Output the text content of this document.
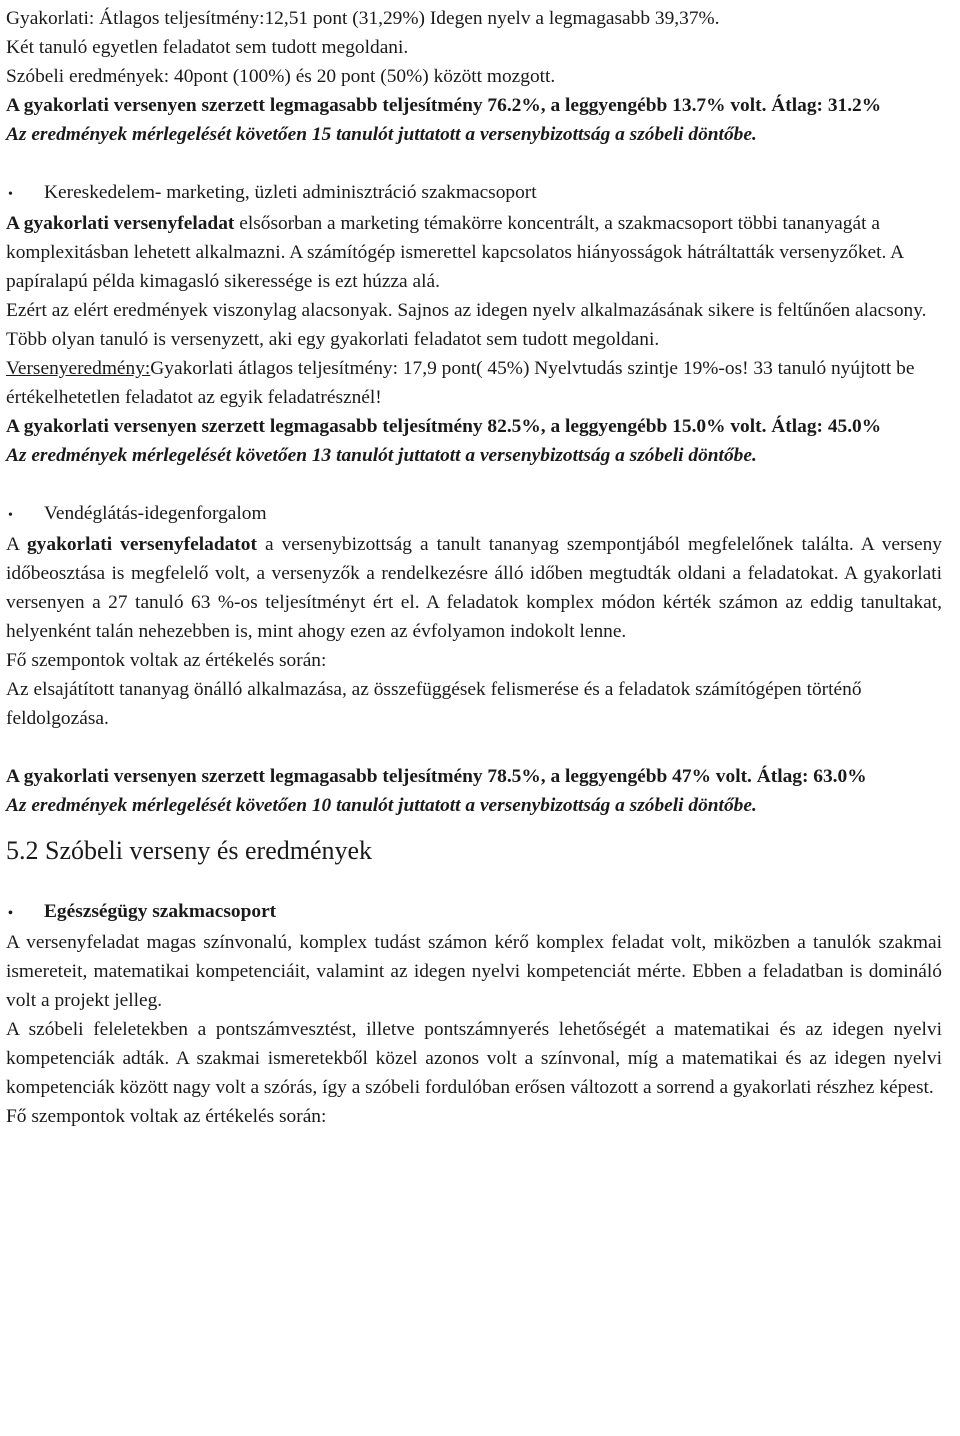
Gyakorlati: Átlagos teljesítmény:12,51 pont (31,29%) Idegen nyelv a legmagasabb 39,37%.

Két tanuló egyetlen feladatot sem tudott megoldani.

Szóbeli eredmények: 40pont (100%) és 20 pont (50%) között mozgott.

A gyakorlati versenyen szerzett legmagasabb teljesítmény 76.2%, a leggyengébb 13.7% volt. Átlag: 31.2%

Az eredmények mérlegelését követően 15 tanulót juttatott a versenybizottság a szóbeli döntőbe.

•	Kereskedelem- marketing, üzleti adminisztráció szakmacsoport

A gyakorlati versenyfeladat elsősorban a marketing témakörre koncentrált, a szakmacsoport többi tananyagát a komplexitásban lehetett alkalmazni. A számítógép ismerettel kapcsolatos hiányosságok hátráltatták versenyzőket. A papíralapú példa kimagasló sikeressége is ezt húzza alá.

Ezért az elért eredmények viszonylag alacsonyak. Sajnos az idegen nyelv alkalmazásának sikere is feltűnően alacsony. Több olyan tanuló is versenyzett, aki egy gyakorlati feladatot sem tudott megoldani.

Versenyeredmény:Gyakorlati átlagos teljesítmény: 17,9 pont( 45%) Nyelvtudás szintje 19%-os! 33 tanuló nyújtott be értékelhetetlen feladatot az egyik feladatrésznél!

A gyakorlati versenyen szerzett legmagasabb teljesítmény 82.5%, a leggyengébb 15.0% volt. Átlag: 45.0%

Az eredmények mérlegelését követően 13 tanulót juttatott a versenybizottság a szóbeli döntőbe.

•	Vendéglátás-idegenforgalom

A gyakorlati versenyfeladatot a versenybizottság a tanult tananyag szempontjából megfelelőnek találta. A verseny időbeosztása is megfelelő volt, a versenyzők a rendelkezésre álló időben megtudták oldani a feladatokat. A gyakorlati versenyen a 27 tanuló 63 %-os teljesítményt ért el. A feladatok komplex módon kérték számon az eddig tanultakat, helyenként talán nehezebben is, mint ahogy ezen az évfolyamon indokolt lenne.

Fő szempontok voltak az értékelés során:

Az elsajátított tananyag önálló alkalmazása, az összefüggések felismerése és a feladatok számítógépen történő feldolgozása.

A gyakorlati versenyen szerzett legmagasabb teljesítmény 78.5%, a leggyengébb 47% volt. Átlag: 63.0%

Az eredmények mérlegelését követően 10 tanulót juttatott a versenybizottság a szóbeli döntőbe.

5.2 Szóbeli verseny és eredmények
•	Egészségügy szakmacsoport

A versenyfeladat magas színvonalú, komplex tudást számon kérő komplex feladat volt, miközben a tanulók szakmai ismereteit, matematikai kompetenciáit, valamint az idegen nyelvi kompetenciát mérte. Ebben a feladatban is domináló volt a projekt jelleg.

A szóbeli feleletekben a pontszámvesztést, illetve pontszámnyerés lehetőségét a matematikai és az idegen nyelvi kompetenciák adták. A szakmai ismeretekből közel azonos volt a színvonal, míg a matematikai és az idegen nyelvi kompetenciák között nagy volt a szórás, így a szóbeli fordulóban erősen változott a sorrend a gyakorlati részhez képest.

Fő szempontok voltak az értékelés során:
